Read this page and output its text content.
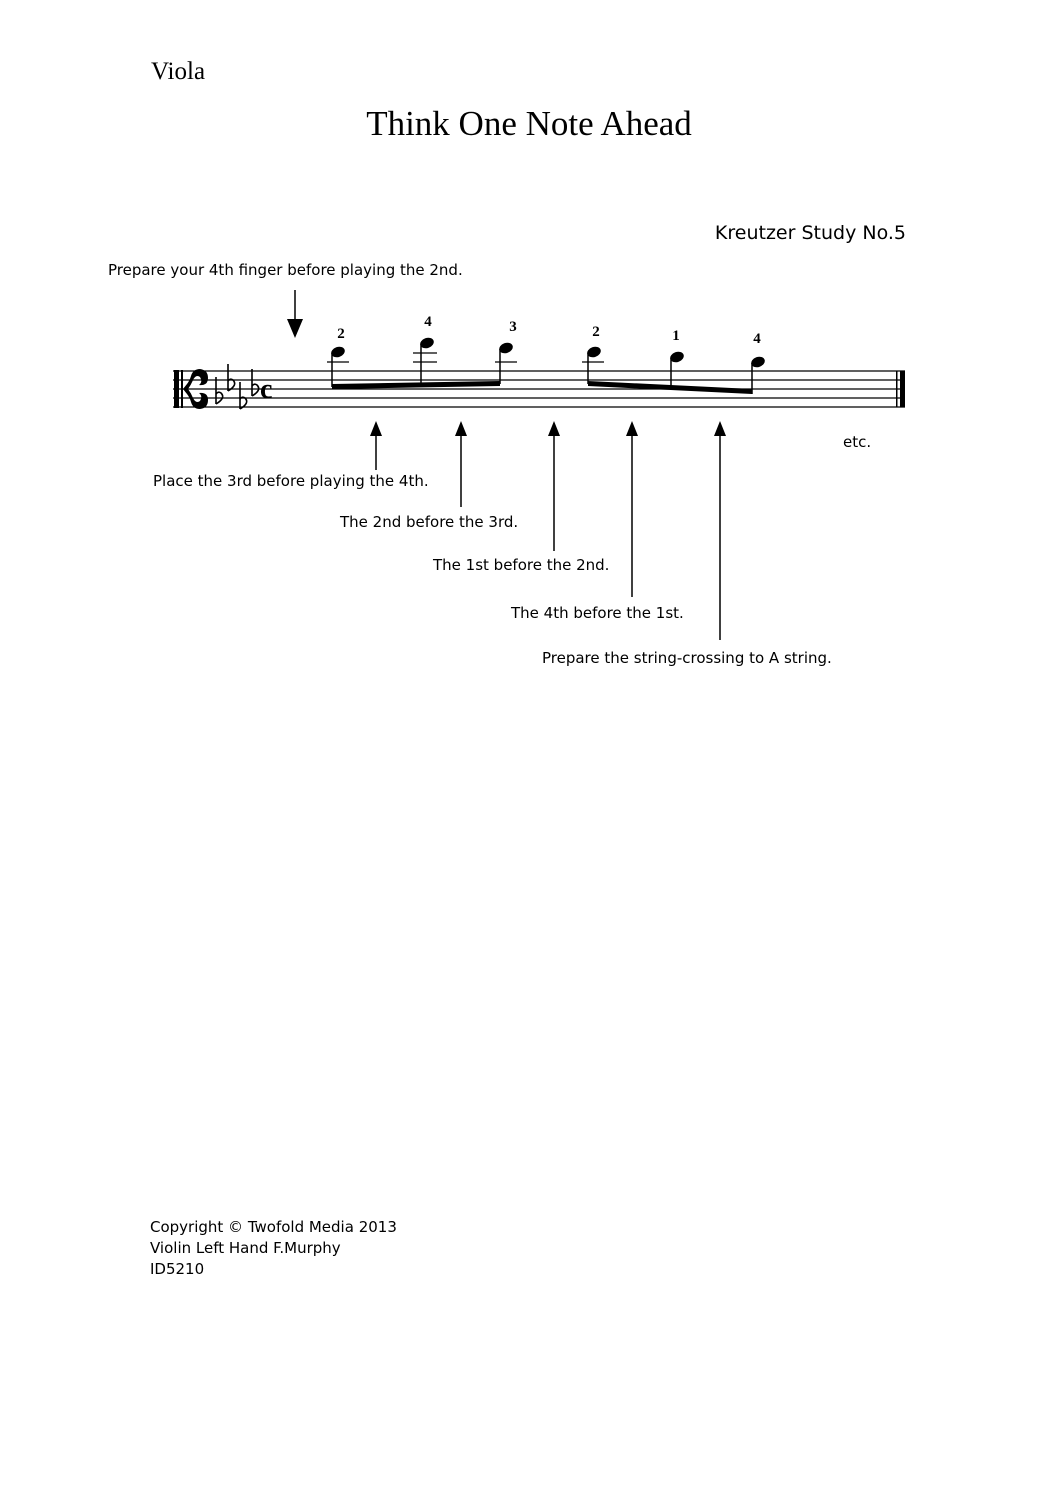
Viola
Think One Note Ahead
Kreutzer Study No.5
c
2
4	3	2	1	4
Prepare your 4th finger before playing the 2nd.
Place the 3rd before playing the 4th.
The 2nd before the 3rd.
The 1st before the 2nd.
The 4th before the 1st.
Prepare the string-crossing to A string.
etc.
Copyright © Twofold Media 2013
Violin Left Hand F.Murphy
ID5210
